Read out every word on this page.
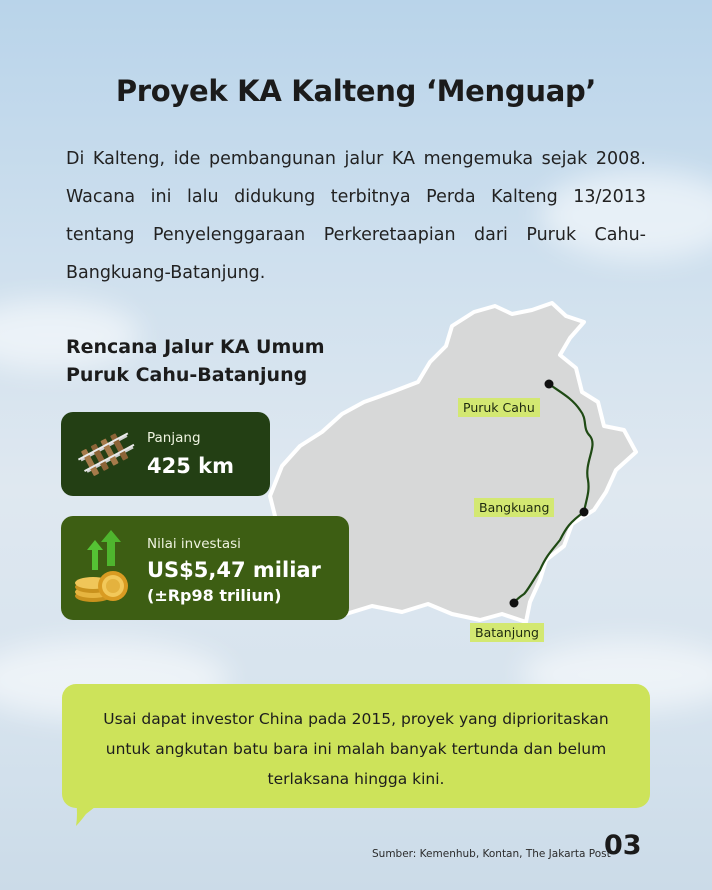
Proyek KA Kalteng ‘Menguap’

Di Kalteng, ide pembangunan jalur KA mengemuka sejak 2008. Wacana ini lalu didukung terbitnya Perda Kalteng 13/2013 tentang Penyelenggaraan Perkeretaapian dari Puruk Cahu-Bangkuang-Batanjung.

Puruk Cahu
Bangkuang
Batanjung
Rencana Jalur KA Umum
Puruk Cahu-Batanjung
Panjang
425 km
Nilai investasi
US$5,47 miliar
(±Rp98 triliun)
Usai dapat investor China pada 2015, proyek yang diprioritaskan untuk angkutan batu bara ini malah banyak tertunda dan belum terlaksana hingga kini.
Sumber: Kemenhub, Kontan, The Jakarta Post
03
